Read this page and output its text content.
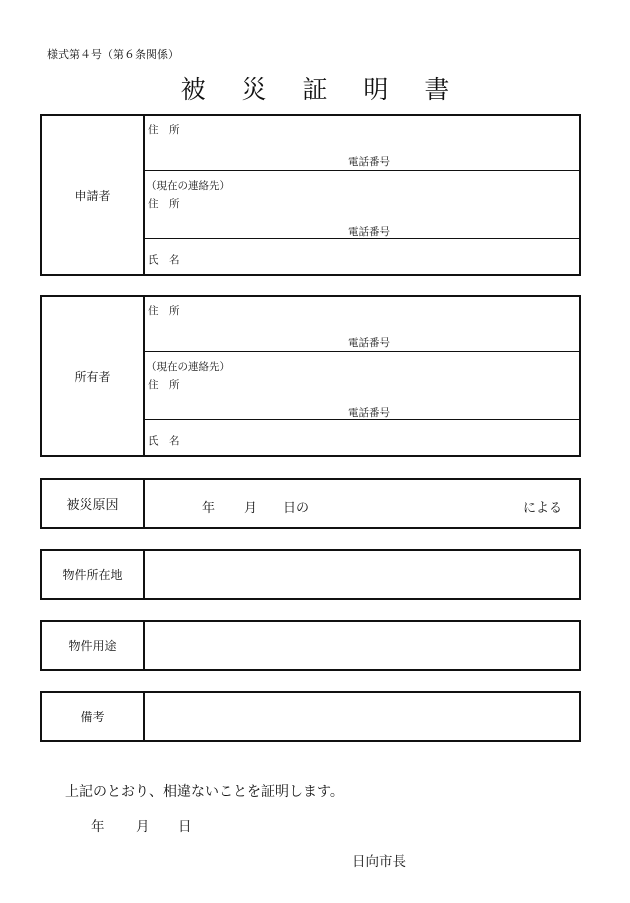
様式第４号（第６条関係）
被 災 証 明 書
申請者
住　所
電話番号
（現在の連絡先）
住　所
電話番号
氏　名
所有者
住　所
電話番号
（現在の連絡先）
住　所
電話番号
氏　名
被災原因	年 月 日の	による
物件所在地
物件用途
備考
上記のとおり、相違ないことを証明します。
年 月 日
日向市長
